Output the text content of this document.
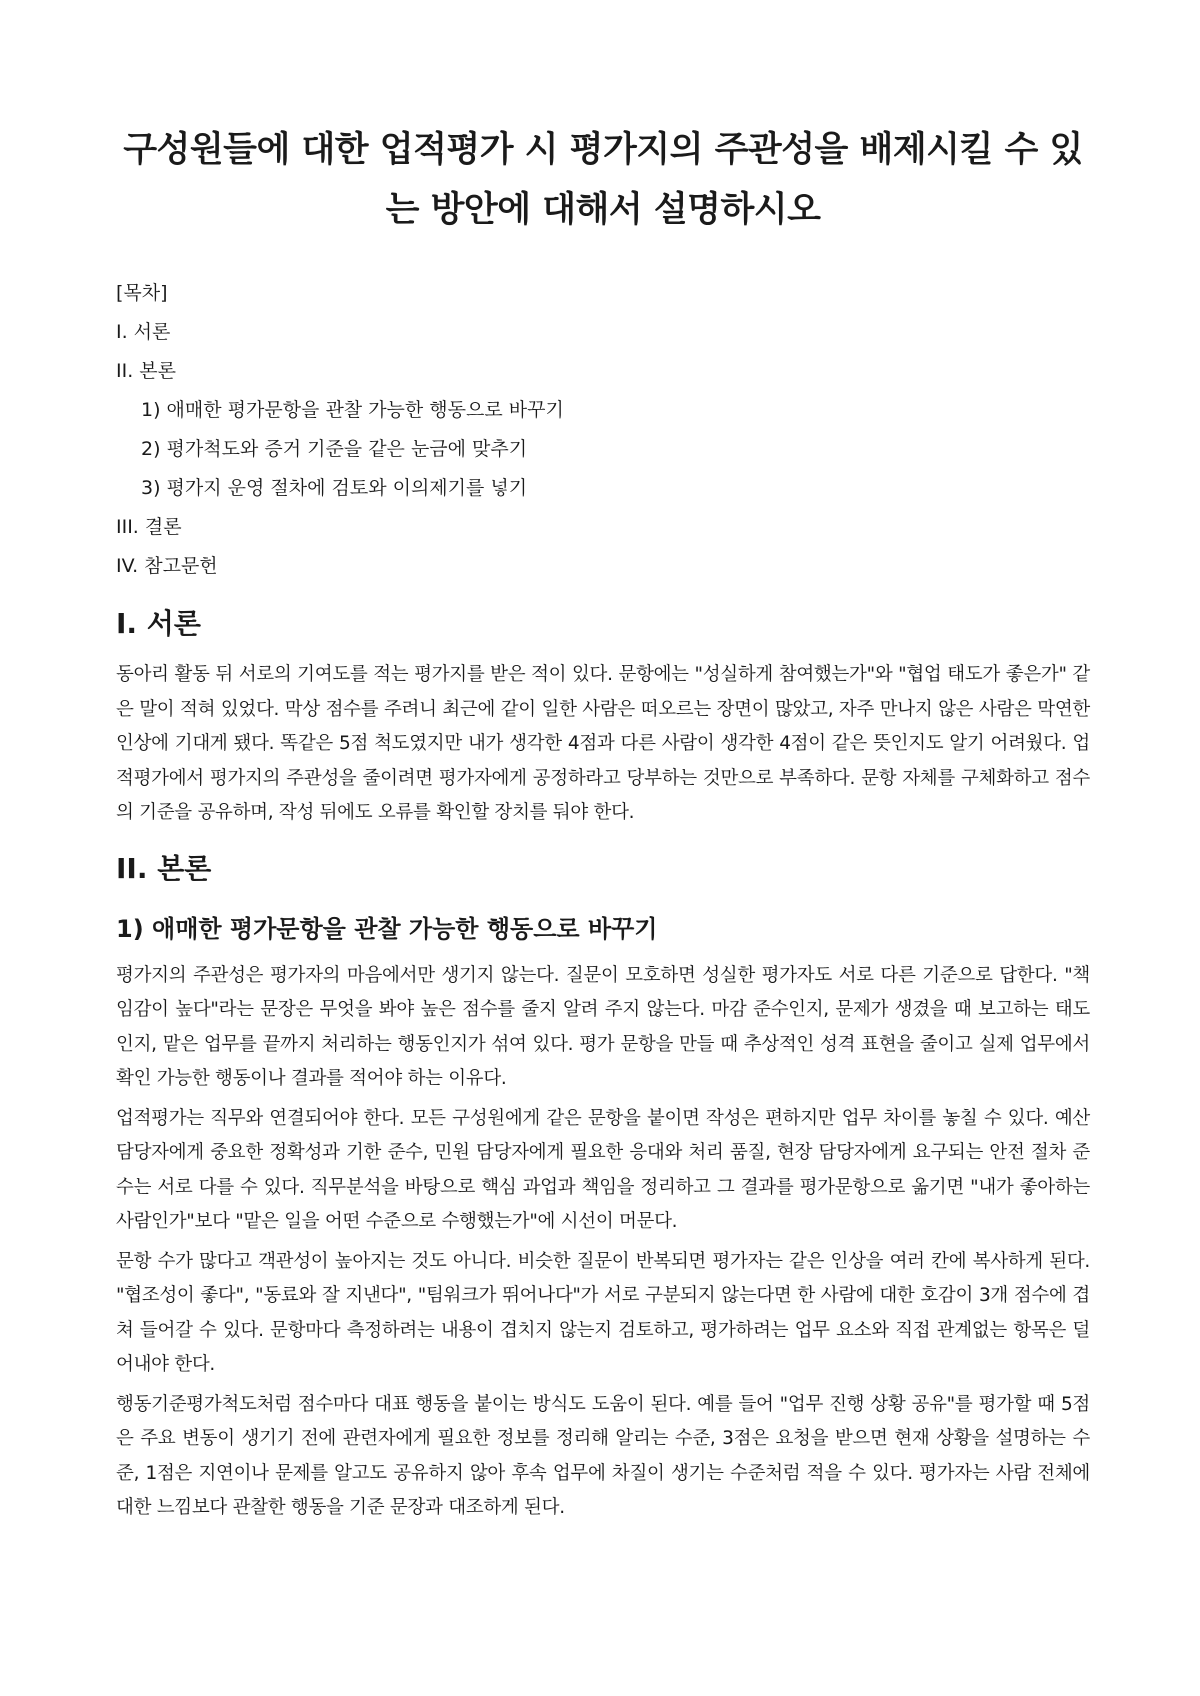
구성원들에 대한 업적평가 시 평가지의 주관성을 배제시킬 수 있는 방안에 대해서 설명하시오

[목차]

I. 서론

II. 본론

1) 애매한 평가문항을 관찰 가능한 행동으로 바꾸기

2) 평가척도와 증거 기준을 같은 눈금에 맞추기

3) 평가지 운영 절차에 검토와 이의제기를 넣기

III. 결론

IV. 참고문헌

I. 서론

동아리 활동 뒤 서로의 기여도를 적는 평가지를 받은 적이 있다. 문항에는 "성실하게 참여했는가"와 "협업 태도가 좋은가" 같은 말이 적혀 있었다. 막상 점수를 주려니 최근에 같이 일한 사람은 떠오르는 장면이 많았고, 자주 만나지 않은 사람은 막연한 인상에 기대게 됐다. 똑같은 5점 척도였지만 내가 생각한 4점과 다른 사람이 생각한 4점이 같은 뜻인지도 알기 어려웠다. 업적평가에서 평가지의 주관성을 줄이려면 평가자에게 공정하라고 당부하는 것만으로 부족하다. 문항 자체를 구체화하고 점수의 기준을 공유하며, 작성 뒤에도 오류를 확인할 장치를 둬야 한다.

II. 본론
1) 애매한 평가문항을 관찰 가능한 행동으로 바꾸기

평가지의 주관성은 평가자의 마음에서만 생기지 않는다. 질문이 모호하면 성실한 평가자도 서로 다른 기준으로 답한다. "책임감이 높다"라는 문장은 무엇을 봐야 높은 점수를 줄지 알려 주지 않는다. 마감 준수인지, 문제가 생겼을 때 보고하는 태도인지, 맡은 업무를 끝까지 처리하는 행동인지가 섞여 있다. 평가 문항을 만들 때 추상적인 성격 표현을 줄이고 실제 업무에서 확인 가능한 행동이나 결과를 적어야 하는 이유다.

업적평가는 직무와 연결되어야 한다. 모든 구성원에게 같은 문항을 붙이면 작성은 편하지만 업무 차이를 놓칠 수 있다. 예산 담당자에게 중요한 정확성과 기한 준수, 민원 담당자에게 필요한 응대와 처리 품질, 현장 담당자에게 요구되는 안전 절차 준수는 서로 다를 수 있다. 직무분석을 바탕으로 핵심 과업과 책임을 정리하고 그 결과를 평가문항으로 옮기면 "내가 좋아하는 사람인가"보다 "맡은 일을 어떤 수준으로 수행했는가"에 시선이 머문다.

문항 수가 많다고 객관성이 높아지는 것도 아니다. 비슷한 질문이 반복되면 평가자는 같은 인상을 여러 칸에 복사하게 된다. "협조성이 좋다", "동료와 잘 지낸다", "팀워크가 뛰어나다"가 서로 구분되지 않는다면 한 사람에 대한 호감이 3개 점수에 겹쳐 들어갈 수 있다. 문항마다 측정하려는 내용이 겹치지 않는지 검토하고, 평가하려는 업무 요소와 직접 관계없는 항목은 덜어내야 한다.

행동기준평가척도처럼 점수마다 대표 행동을 붙이는 방식도 도움이 된다. 예를 들어 "업무 진행 상황 공유"를 평가할 때 5점은 주요 변동이 생기기 전에 관련자에게 필요한 정보를 정리해 알리는 수준, 3점은 요청을 받으면 현재 상황을 설명하는 수준, 1점은 지연이나 문제를 알고도 공유하지 않아 후속 업무에 차질이 생기는 수준처럼 적을 수 있다. 평가자는 사람 전체에 대한 느낌보다 관찰한 행동을 기준 문장과 대조하게 된다.
